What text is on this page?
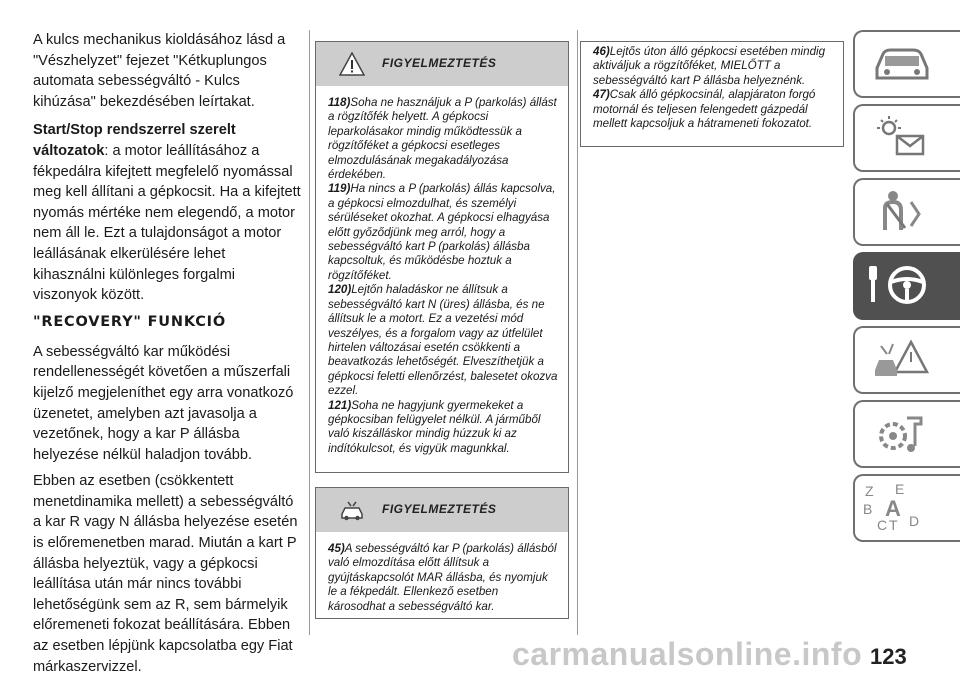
A kulcs mechanikus kioldásához lásd a "Vészhelyzet" fejezet "Kétkuplungos automata sebességváltó - Kulcs kihúzása" bekezdésében leírtakat.

Start/Stop rendszerrel szerelt változatok: a motor leállításához a fékpedálra kifejtett megfelelő nyomással meg kell állítani a gépkocsit. Ha a kifejtett nyomás mértéke nem elegendő, a motor nem áll le. Ezt a tulajdonságot a motor leállásának elkerülésére lehet kihasználni különleges forgalmi viszonyok között.

"RECOVERY" FUNKCIÓ

A sebességváltó kar működési rendellenességét követően a műszerfali kijelző megjeleníthet egy arra vonatkozó üzenetet, amelyben azt javasolja a vezetőnek, hogy a kar P állásba helyezése nélkül haladjon tovább.

Ebben az esetben (csökkentett menetdinamika mellett) a sebességváltó a kar R vagy N állásba helyezése esetén is előremenetben marad. Miután a kart P állásba helyeztük, vagy a gépkocsi leállítása után már nincs további lehetőségünk sem az R, sem bármelyik előremeneti fokozat beállítására. Ebben az esetben lépjünk kapcsolatba egy Fiat márkaszervizzel.

FIGYELMEZTETÉS

118)Soha ne használjuk a P (parkolás) állást a rögzítőfék helyett. A gépkocsi leparkolásakor mindig működtessük a rögzítőféket a gépkocsi esetleges elmozdulásának megakadályozása érdekében.

119)Ha nincs a P (parkolás) állás kapcsolva, a gépkocsi elmozdulhat, és személyi sérüléseket okozhat. A gépkocsi elhagyása előtt győződjünk meg arról, hogy a sebességváltó kart P (parkolás) állásba kapcsoltuk, és működésbe hoztuk a rögzítőféket.

120)Lejtőn haladáskor ne állítsuk a sebességváltó kart N (üres) állásba, és ne állítsuk le a motort. Ez a vezetési mód veszélyes, és a forgalom vagy az útfelület hirtelen változásai esetén csökkenti a beavatkozás lehetőségét. Elveszíthetjük a gépkocsi feletti ellenőrzést, balesetet okozva ezzel.

121)Soha ne hagyjunk gyermekeket a gépkocsiban felügyelet nélkül. A járműből való kiszálláskor mindig húzzuk ki az indítókulcsot, és vigyük magunkkal.

FIGYELMEZTETÉS

45)A sebességváltó kar P (parkolás) állásból való elmozdítása előtt állítsuk a gyújtáskapcsolót MAR állásba, és nyomjuk le a fékpedált. Ellenkező esetben károsodhat a sebességváltó kar.

46)Lejtős úton álló gépkocsi esetében mindig aktiváljuk a rögzítőféket, MIELŐTT a sebességváltó kart P állásba helyeznénk.

47)Csak álló gépkocsinál, alapjáraton forgó motornál és teljesen felengedett gázpedál mellett kapcsoljuk a hátrameneti fokozatot.

Z E
B A
C T D
carmanualsonline.info 123
